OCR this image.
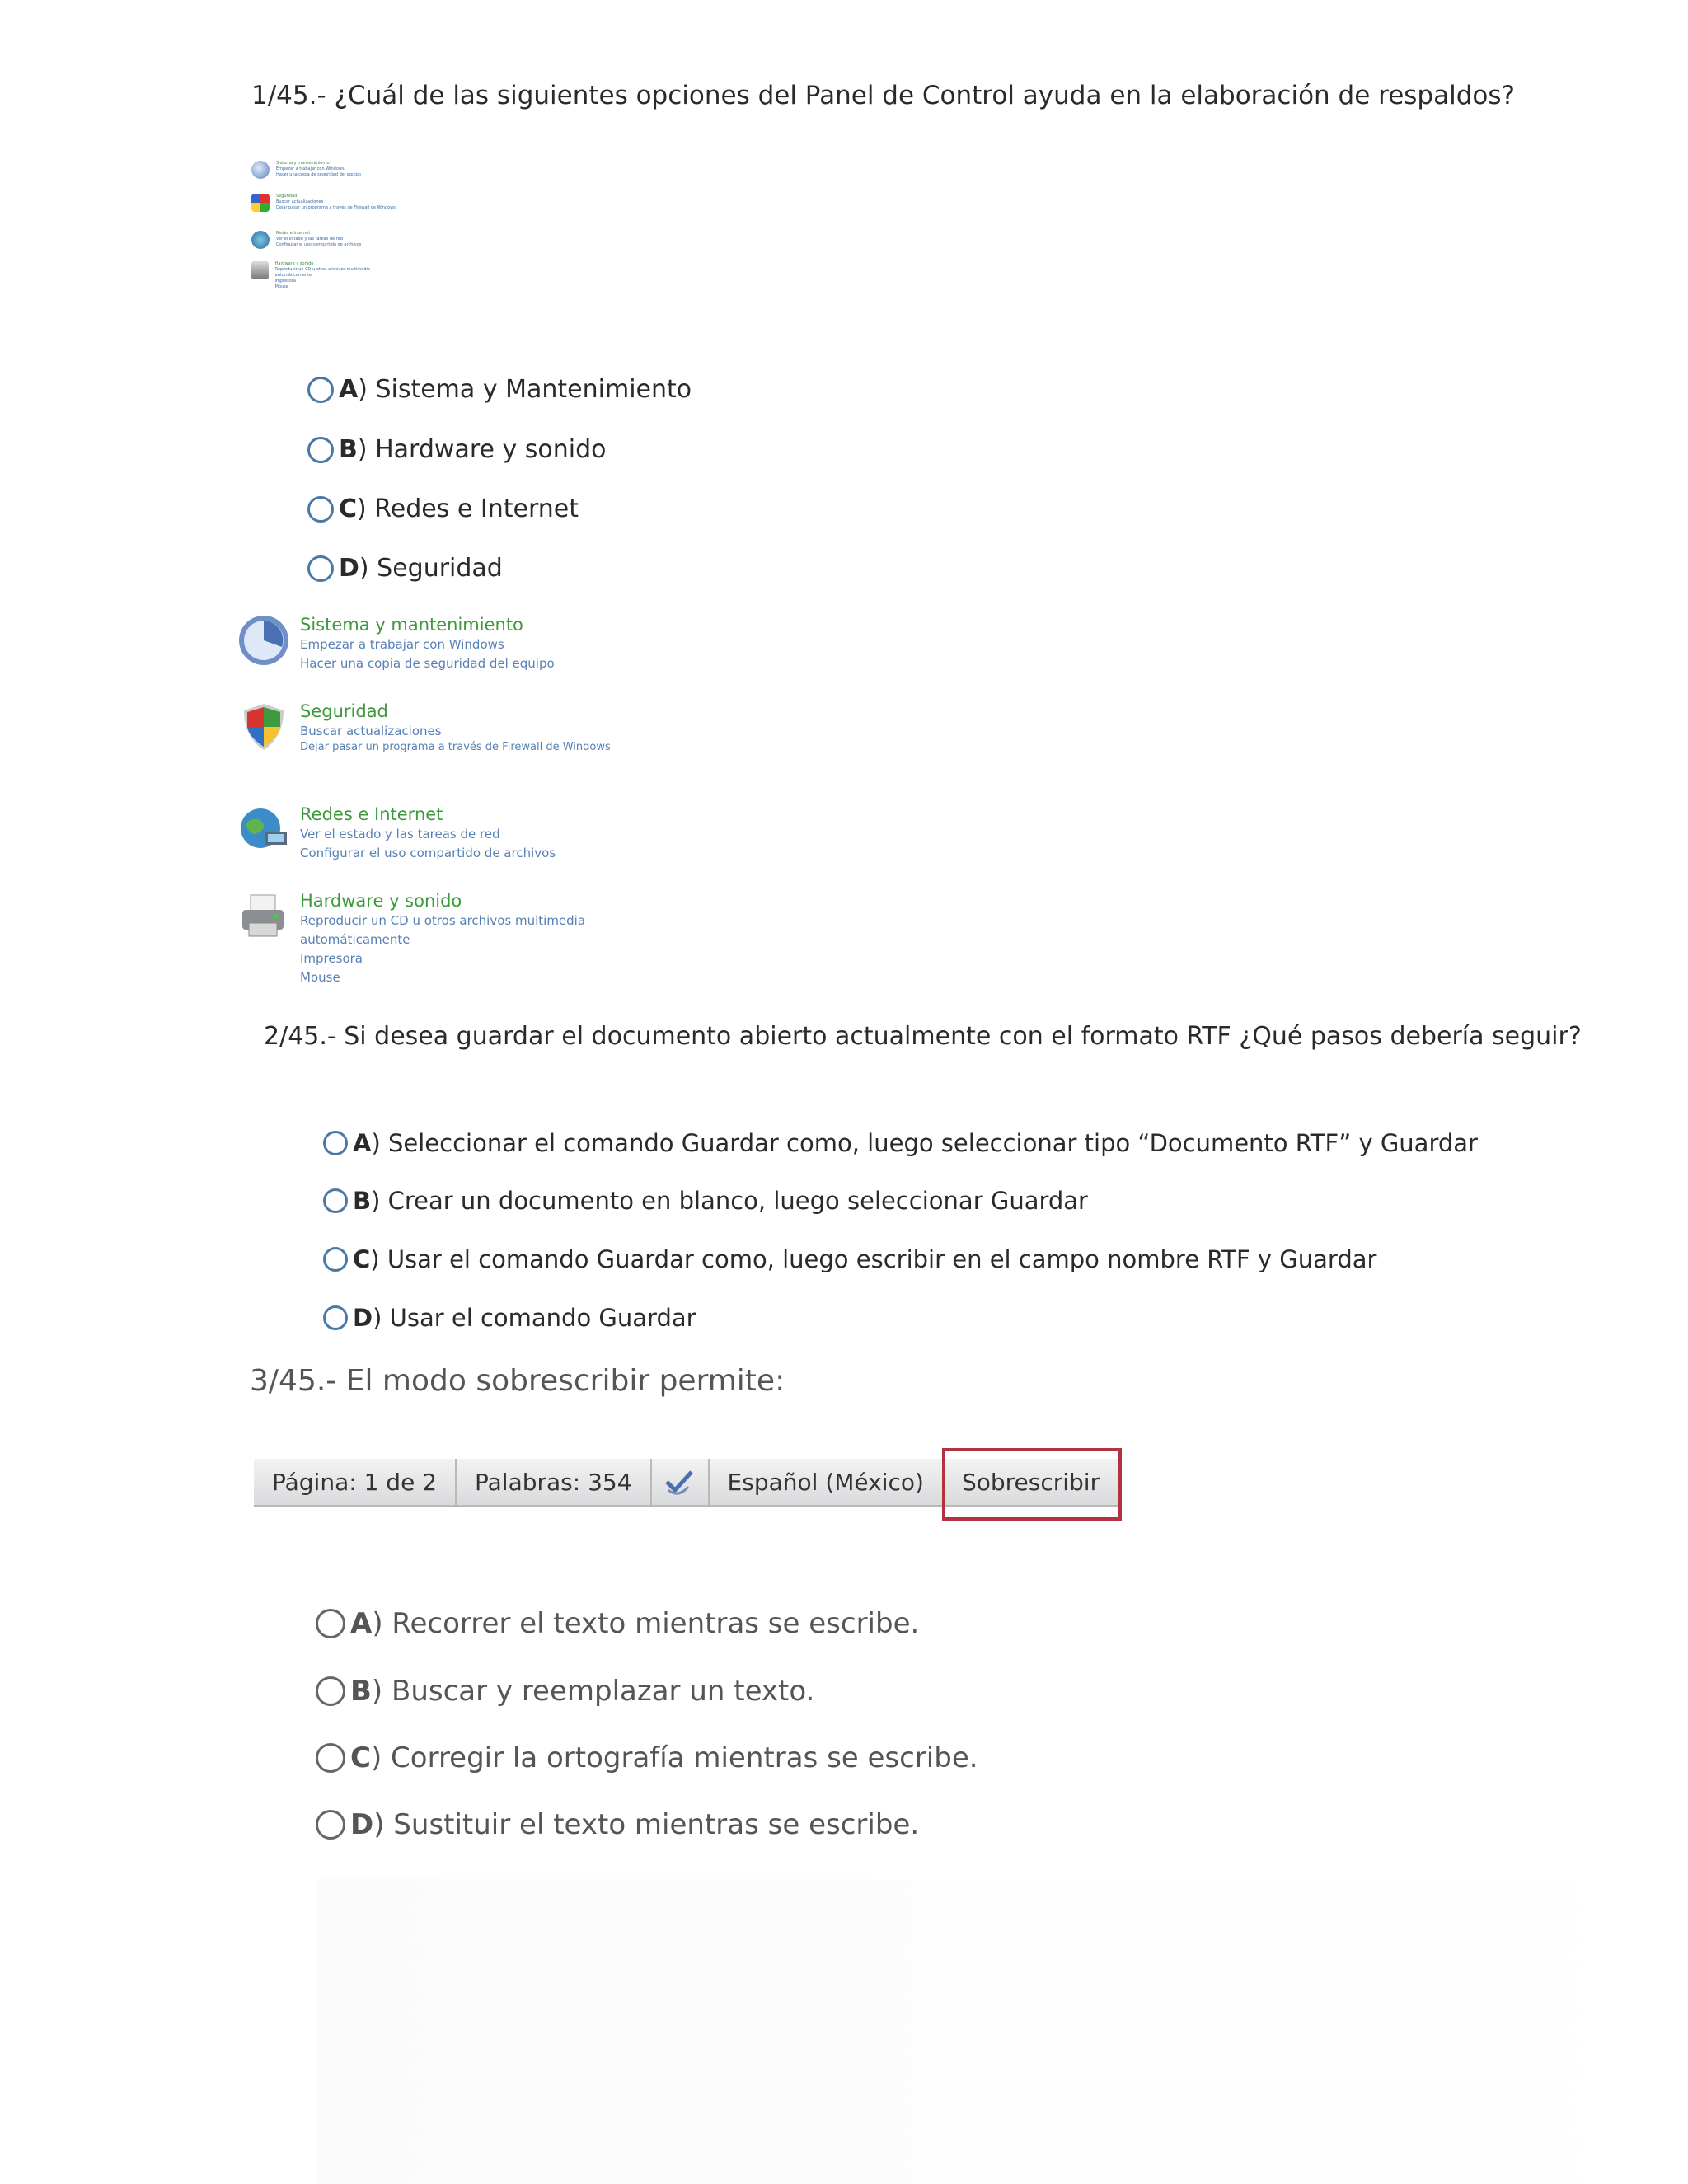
1/45.- ¿Cuál de las siguientes opciones del Panel de Control ayuda en la elaboración de respaldos?
Sistema y mantenimiento
Empezar a trabajar con Windows
Hacer una copia de seguridad del equipo
Seguridad
Buscar actualizaciones
Dejar pasar un programa a través de Firewall de Windows
Redes e Internet
Ver el estado y las tareas de red
Configurar el uso compartido de archivos
Hardware y sonido
Reproducir un CD u otros archivos multimedia automáticamente
Impresora
Mouse
A ) Sistema y Mantenimiento
B ) Hardware y sonido
C ) Redes e Internet
D ) Seguridad
Sistema y mantenimiento
Empezar a trabajar con Windows
Hacer una copia de seguridad del equipo
Seguridad
Buscar actualizaciones
Dejar pasar un programa a través de Firewall de Windows
Redes e Internet
Ver el estado y las tareas de red
Configurar el uso compartido de archivos
Hardware y sonido
Reproducir un CD u otros archivos multimedia automáticamente
Impresora
Mouse
2/45.- Si desea guardar el documento abierto actualmente con el formato RTF ¿Qué pasos debería seguir?
A ) Seleccionar el comando Guardar como, luego seleccionar tipo “Documento RTF” y Guardar
B ) Crear un documento en blanco, luego seleccionar Guardar
C ) Usar el comando Guardar como, luego escribir en el campo nombre RTF y Guardar
D ) Usar el comando Guardar
3/45.- El modo sobrescribir permite:
Página: 1 de 2	Palabras: 354	Español (México)	Sobrescribir
A ) Recorrer el texto mientras se escribe.
B ) Buscar y reemplazar un texto.
C ) Corregir la ortografía mientras se escribe.
D ) Sustituir el texto mientras se escribe.
